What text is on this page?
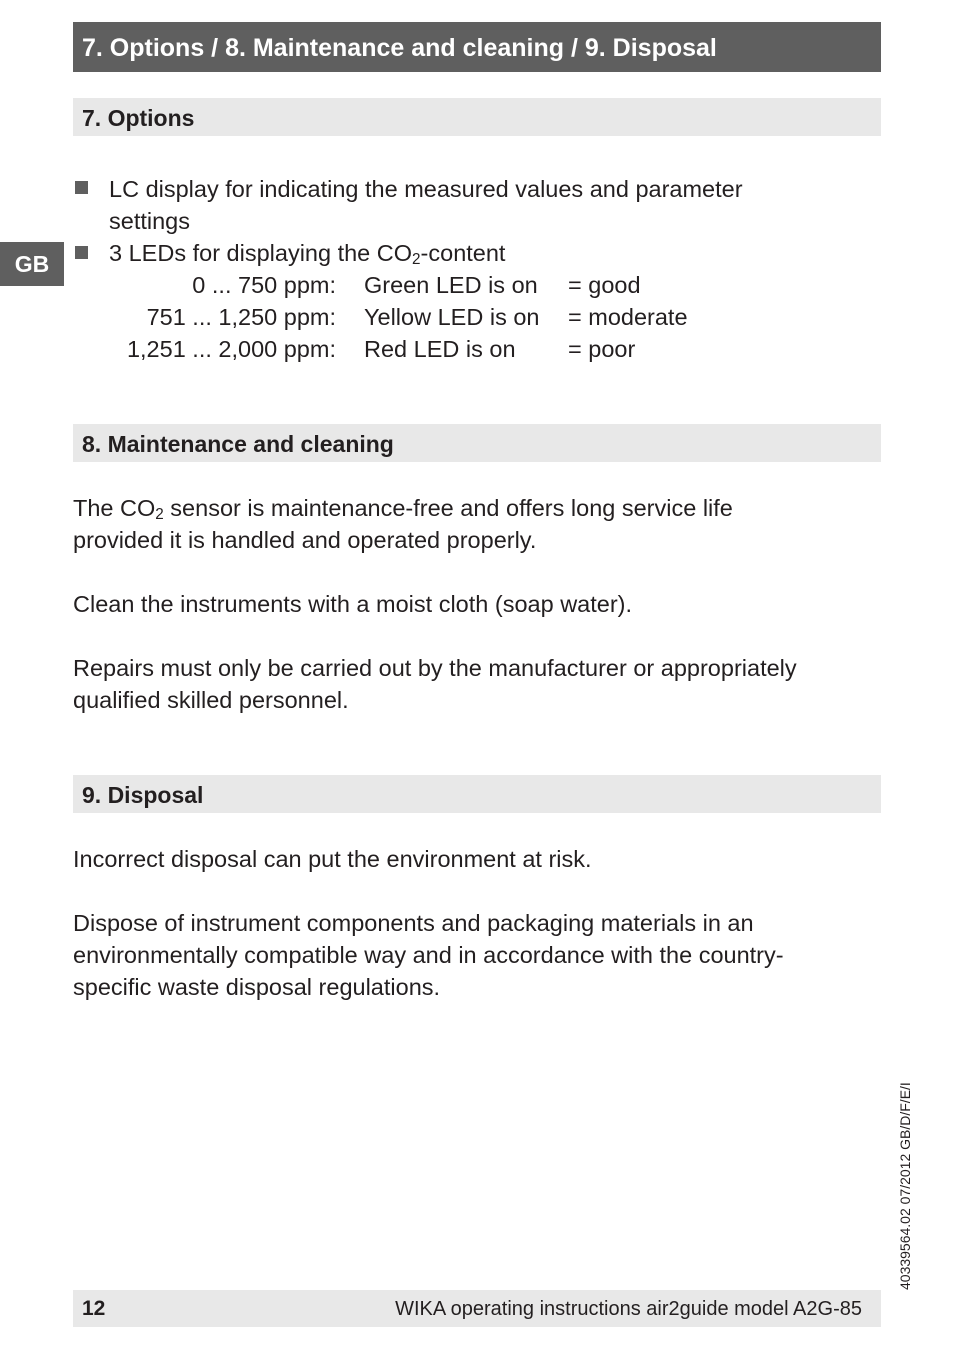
7. Options / 8. Maintenance and cleaning / 9. Disposal
GB
7. Options
LC display for indicating the measured values and parameter
settings
3 LEDs for displaying the $CO_2$-content
0 ... 750 ppm: Green LED is on = good
751 ... 1,250 ppm: Yellow LED is on = moderate
1,251 ... 2,000 ppm: Red LED is on = poor
8. Maintenance and cleaning
The $CO_2$ sensor is maintenance-free and offers long service life
provided it is handled and operated properly.
Clean the instruments with a moist cloth (soap water).
Repairs must only be carried out by the manufacturer or appropriately
qualified skilled personnel.
9. Disposal
Incorrect disposal can put the environment at risk.
Dispose of instrument components and packaging materials in an
environmentally compatible way and in accordance with the country-
specific waste disposal regulations.
40339564.02 07/2012 GB/D/F/E/I
12	WIKA operating instructions air2guide model A2G-85
